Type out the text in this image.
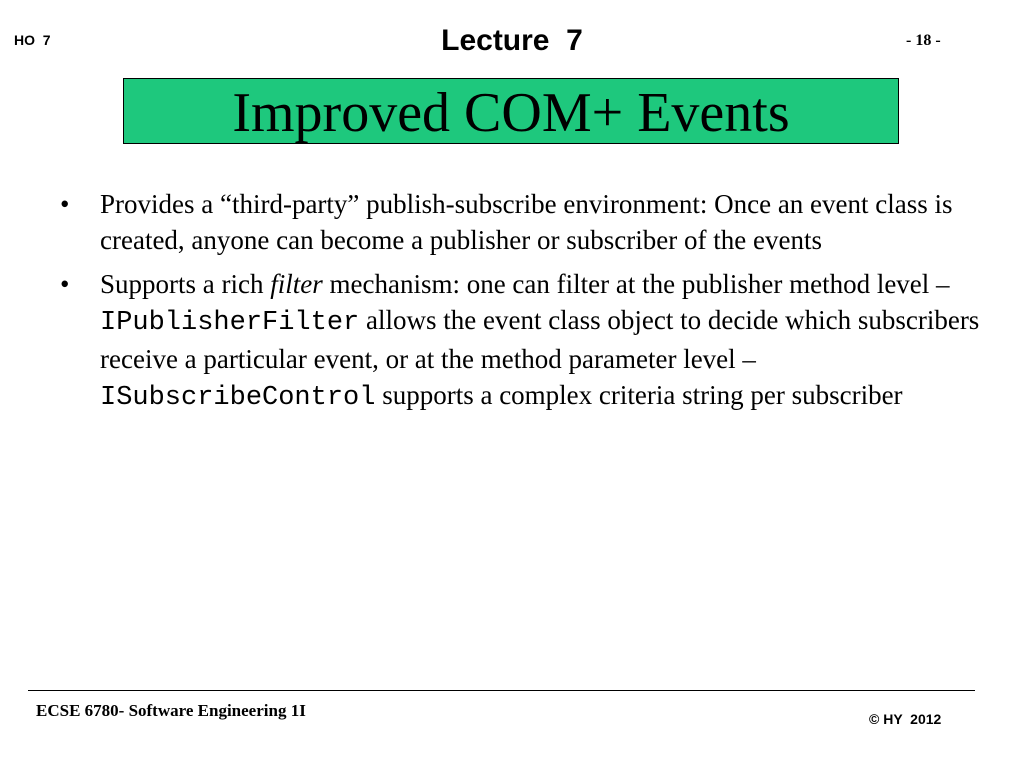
HO  7	Lecture  7	- 18 -
Improved COM+ Events
• Provides a “third-party” publish-subscribe environment: Once an event class is created, anyone can become a publisher or subscriber of the events
• Supports a rich filter mechanism: one can filter at the publisher method level – IPublisherFilter allows the event class object to decide which subscribers receive a particular event, or at the method parameter level – ISubscribeControl supports a complex criteria string per subscriber
ECSE 6780- Software Engineering 1I	© HY  2012
